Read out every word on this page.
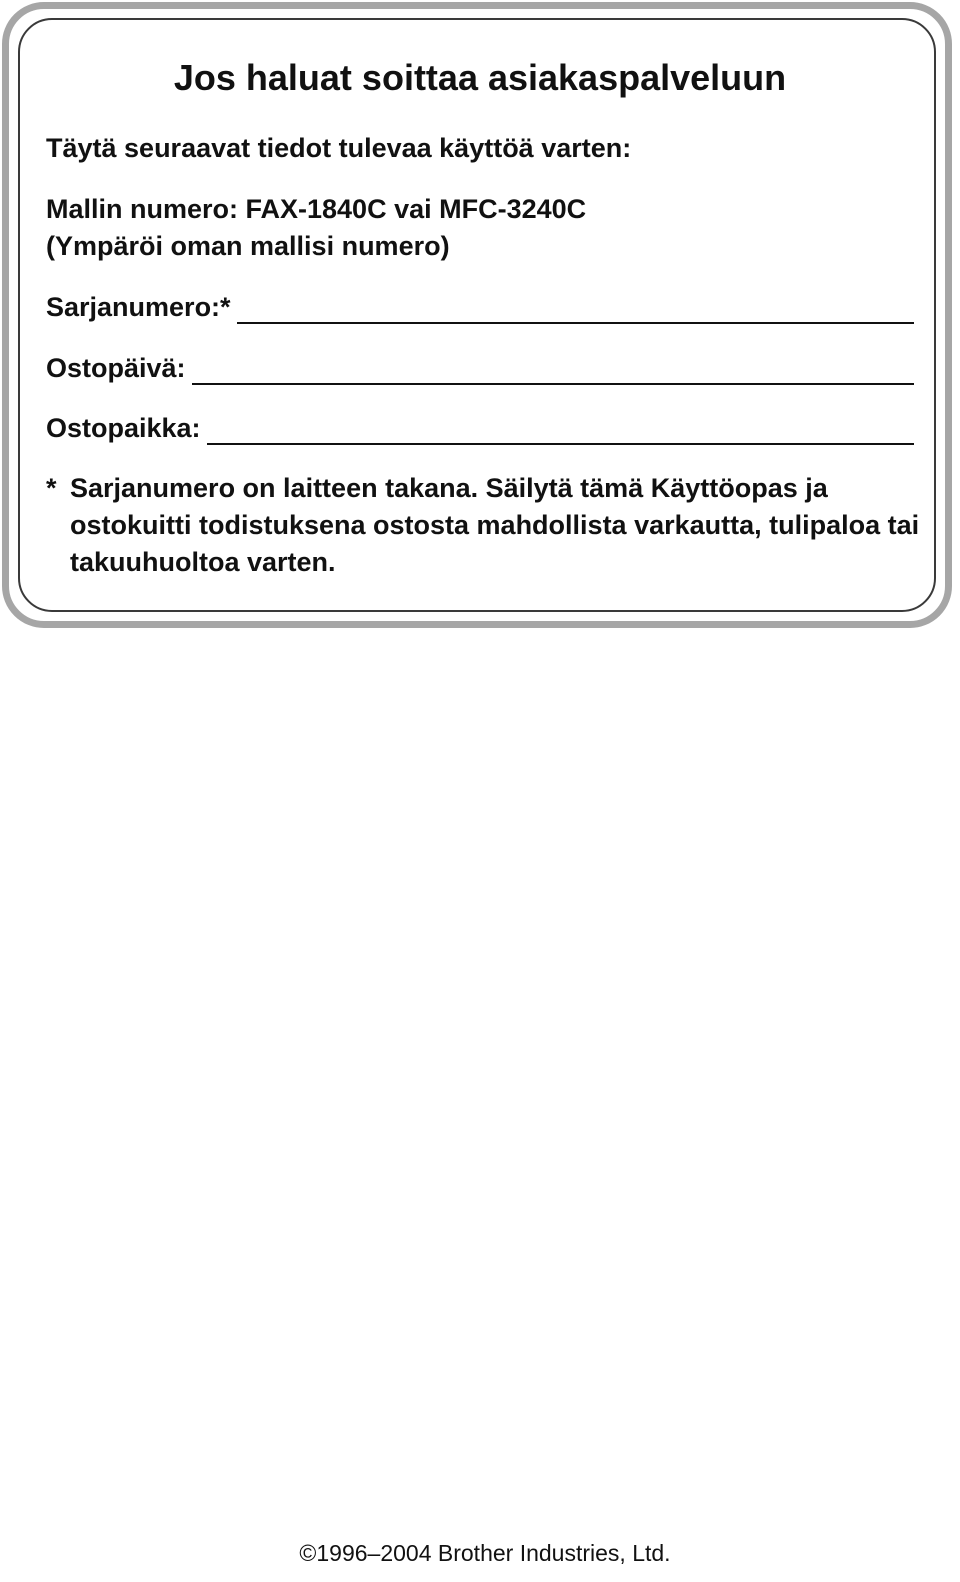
Jos haluat soittaa asiakaspalveluun

Täytä seuraavat tiedot tulevaa käyttöä varten:

Mallin numero: FAX-1840C vai MFC-3240C

(Ympäröi oman mallisi numero)

Sarjanumero:*
Ostopäivä:
Ostopaikka:
* Sarjanumero on laitteen takana. Säilytä tämä Käyttöopas ja ostokuitti todistuksena ostosta mahdollista varkautta, tulipaloa tai takuuhuoltoa varten.
©1996–2004 Brother Industries, Ltd.
